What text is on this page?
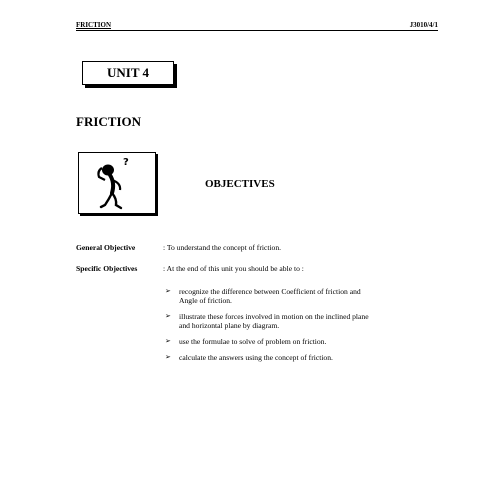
FRICTION	J3010/4/1
UNIT 4
FRICTION
?
OBJECTIVES
General Objective	: To understand the concept of friction.
Specific Objectives	: At the end of this unit you should be able to :
➢ recognize the difference between Coefficient of friction and
Angle of friction.
➢ illustrate these forces involved in motion on the inclined plane
and horizontal plane by diagram.
➢ use the formulae to solve of problem on friction.
➢ calculate the answers using the concept of friction.
